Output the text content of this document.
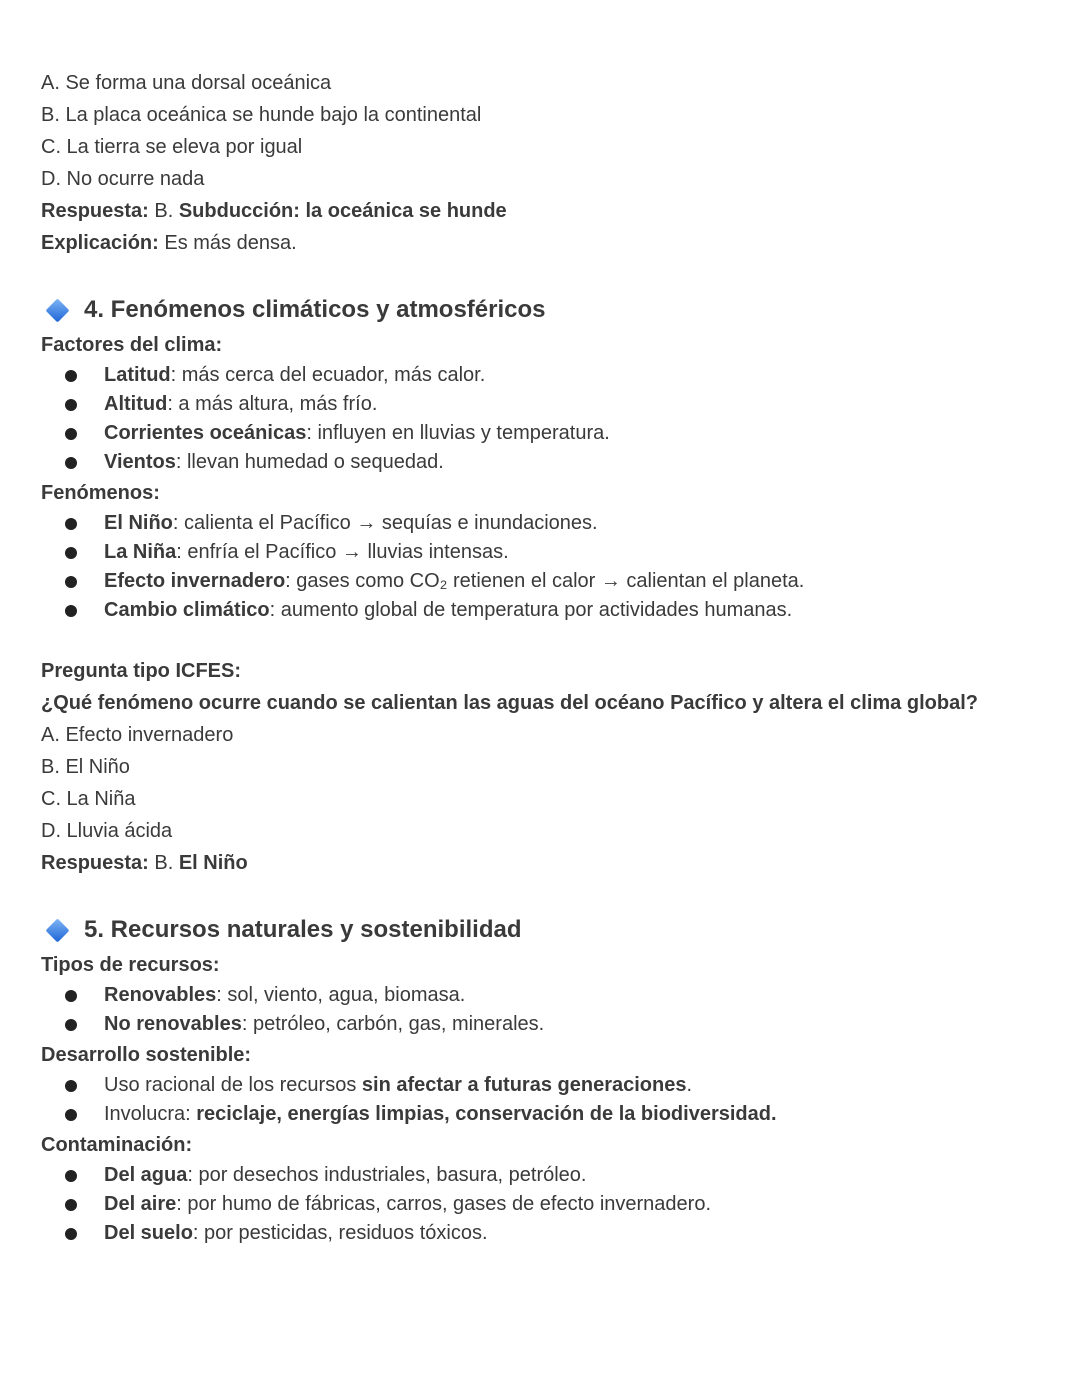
A. Se forma una dorsal oceánica
B. La placa oceánica se hunde bajo la continental
C. La tierra se eleva por igual
D. No ocurre nada
Respuesta: B. Subducción: la oceánica se hunde
Explicación: Es más densa.
4. Fenómenos climáticos y atmosféricos
Factores del clima:
Latitud: más cerca del ecuador, más calor.
Altitud: a más altura, más frío.
Corrientes oceánicas: influyen en lluvias y temperatura.
Vientos: llevan humedad o sequedad.
Fenómenos:
El Niño: calienta el Pacífico → sequías e inundaciones.
La Niña: enfría el Pacífico → lluvias intensas.
Efecto invernadero: gases como CO₂ retienen el calor → calientan el planeta.
Cambio climático: aumento global de temperatura por actividades humanas.
Pregunta tipo ICFES:
¿Qué fenómeno ocurre cuando se calientan las aguas del océano Pacífico y altera el clima global?
A. Efecto invernadero
B. El Niño
C. La Niña
D. Lluvia ácida
Respuesta: B. El Niño
5. Recursos naturales y sostenibilidad
Tipos de recursos:
Renovables: sol, viento, agua, biomasa.
No renovables: petróleo, carbón, gas, minerales.
Desarrollo sostenible:
Uso racional de los recursos sin afectar a futuras generaciones.
Involucra: reciclaje, energías limpias, conservación de la biodiversidad.
Contaminación:
Del agua: por desechos industriales, basura, petróleo.
Del aire: por humo de fábricas, carros, gases de efecto invernadero.
Del suelo: por pesticidas, residuos tóxicos.
